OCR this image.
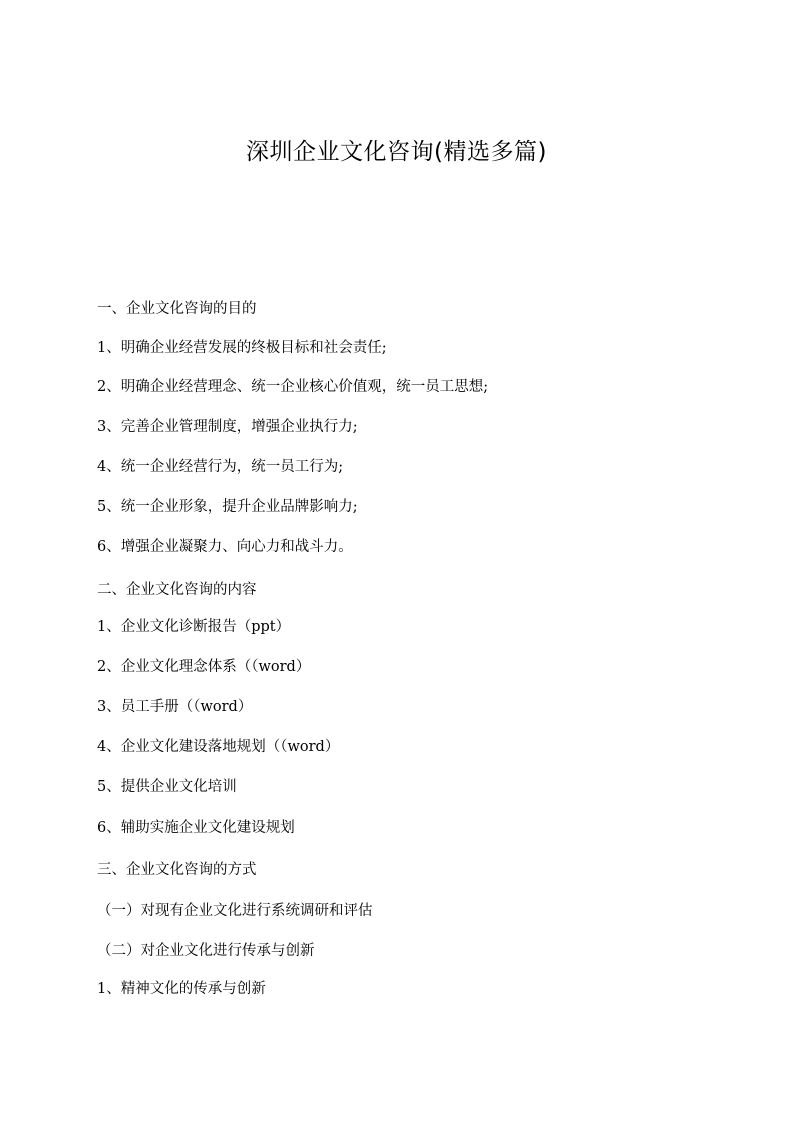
深圳企业文化咨询(精选多篇)
一、企业文化咨询的目的
1、明确企业经营发展的终极目标和社会责任;
2、明确企业经营理念、统一企业核心价值观，统一员工思想;
3、完善企业管理制度，增强企业执行力;
4、统一企业经营行为，统一员工行为;
5、统一企业形象，提升企业品牌影响力;
6、增强企业凝聚力、向心力和战斗力。
二、企业文化咨询的内容
1、企业文化诊断报告（ppt）
2、企业文化理念体系（（word）
3、员工手册（（word）
4、企业文化建设落地规划（（word）
5、提供企业文化培训
6、辅助实施企业文化建设规划
三、企业文化咨询的方式
（一）对现有企业文化进行系统调研和评估
（二）对企业文化进行传承与创新
1、精神文化的传承与创新
